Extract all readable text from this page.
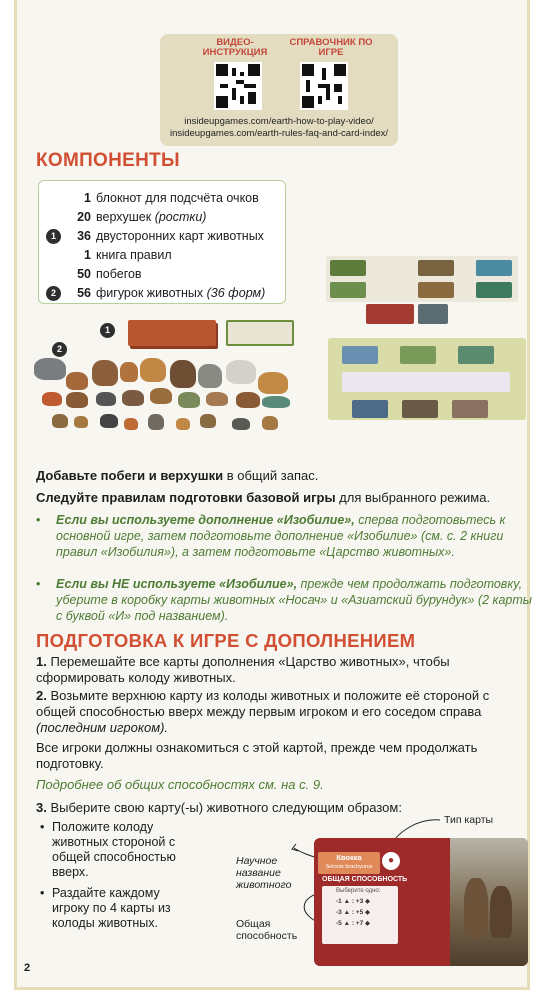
ВИДЕО-ИНСТРУКЦИЯ
СПРАВОЧНИК ПО ИГРЕ
insideupgames.com/earth-how-to-play-video/
insideupgames.com/earth-rules-faq-and-card-index/
КОМПОНЕНТЫ
1 блокнот для подсчёта очков
20 верхушек (ростки)
1	36 двусторонних карт животных
1 книга правил
50 побегов
2	56 фигурок животных (36 форм)
1
2
Добавьте побеги и верхушки в общий запас.
Следуйте правилам подготовки базовой игры для выбранного режима.
• Если вы используете дополнение «Изобилие», сперва подготовьтесь к основной игре, затем подготовьте дополнение «Изобилие» (см. с. 2 книги правил «Изобилия»), а затем подготовьте «Царство животных».
• Если вы НЕ используете «Изобилие», прежде чем продолжать подготовку, уберите в коробку карты животных «Носач» и «Азиатский бурундук» (2 карты с буквой «И» под названием).
ПОДГОТОВКА К ИГРЕ С ДОПОЛНЕНИЕМ
1. Перемешайте все карты дополнения «Царство животных», чтобы сформировать колоду животных.
2. Возьмите верхнюю карту из колоды животных и положите её стороной с общей способностью вверх между первым игроком и его соседом справа (последним игроком).
Все игроки должны ознакомиться с этой картой, прежде чем продолжать подготовку.
Подробнее об общих способностях см. на с. 9.
3. Выберите свою карту(-ы) животного следующим образом:
• Положите колоду животных стороной с общей способностью вверх.
• Раздайте каждому игроку по 4 карты из колоды животных.
Тип карты
Научное название животного
Общая способность
Квокка
Setonix brachyurus
●
ОБЩАЯ СПОСОБНОСТЬ
Выберите одно:
-1 ▲ : +3 ◆
-3 ▲ : +5 ◆
-5 ▲ : +7 ◆
2
